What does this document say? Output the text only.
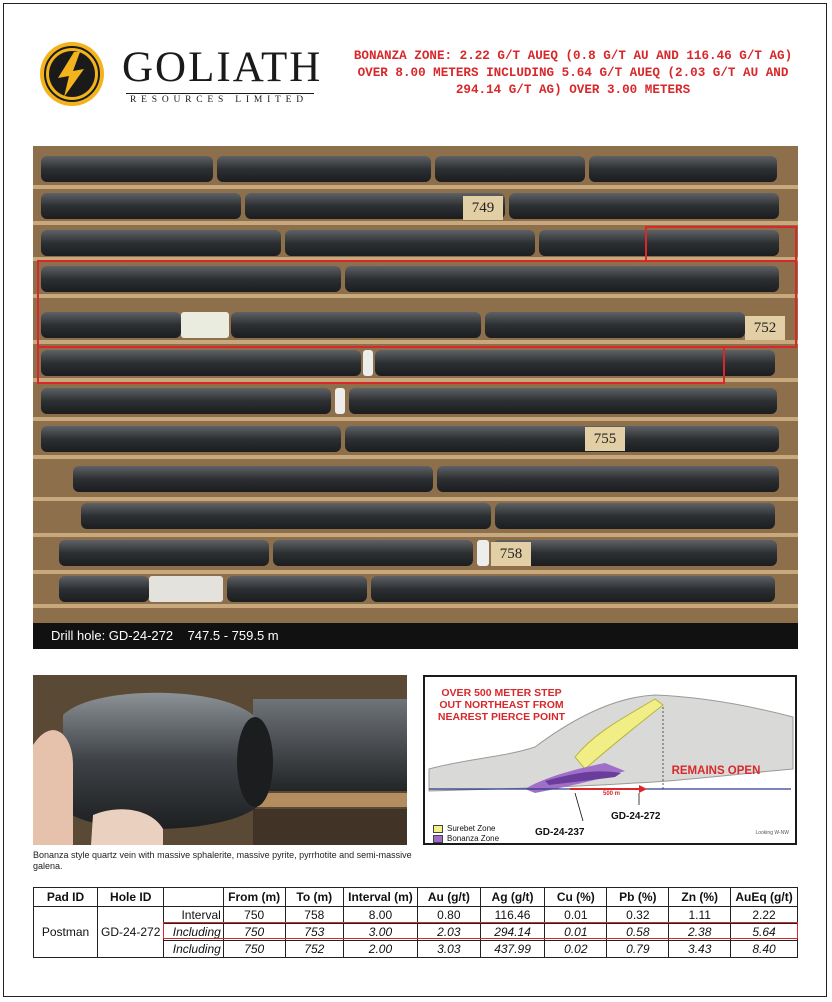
GOLIATH
RESOURCES LIMITED
BONANZA ZONE: 2.22 G/T AUEQ (0.8 G/T AU AND 116.46 G/T AG) OVER 8.00 METERS INCLUDING 5.64 G/T AUEQ (2.03 G/T AU AND 294.14 G/T AG) OVER 3.00 METERS
749
752
755
758
Drill hole: GD-24-272 747.5 - 759.5 m
Bonanza style quartz vein with massive sphalerite, massive pyrite, pyrrhotite and semi-massive galena.
OVER 500 METER STEP OUT NORTHEAST FROM NEAREST PIERCE POINT
REMAINS OPEN
500 m
GD-24-272
GD-24-237
Surebet Zone
Bonanza Zone
Looking W-NW
Pad ID	Hole ID		From (m)	To (m)	Interval (m)	Au (g/t)	Ag (g/t)	Cu (%)	Pb (%)	Zn (%)	AuEq (g/t)
Postman	GD-24-272	Interval	750	758	8.00	0.80	116.46	0.01	0.32	1.11	2.22
		Including	750	753	3.00	2.03	294.14	0.01	0.58	2.38	5.64
		Including	750	752	2.00	3.03	437.99	0.02	0.79	3.43	8.40
